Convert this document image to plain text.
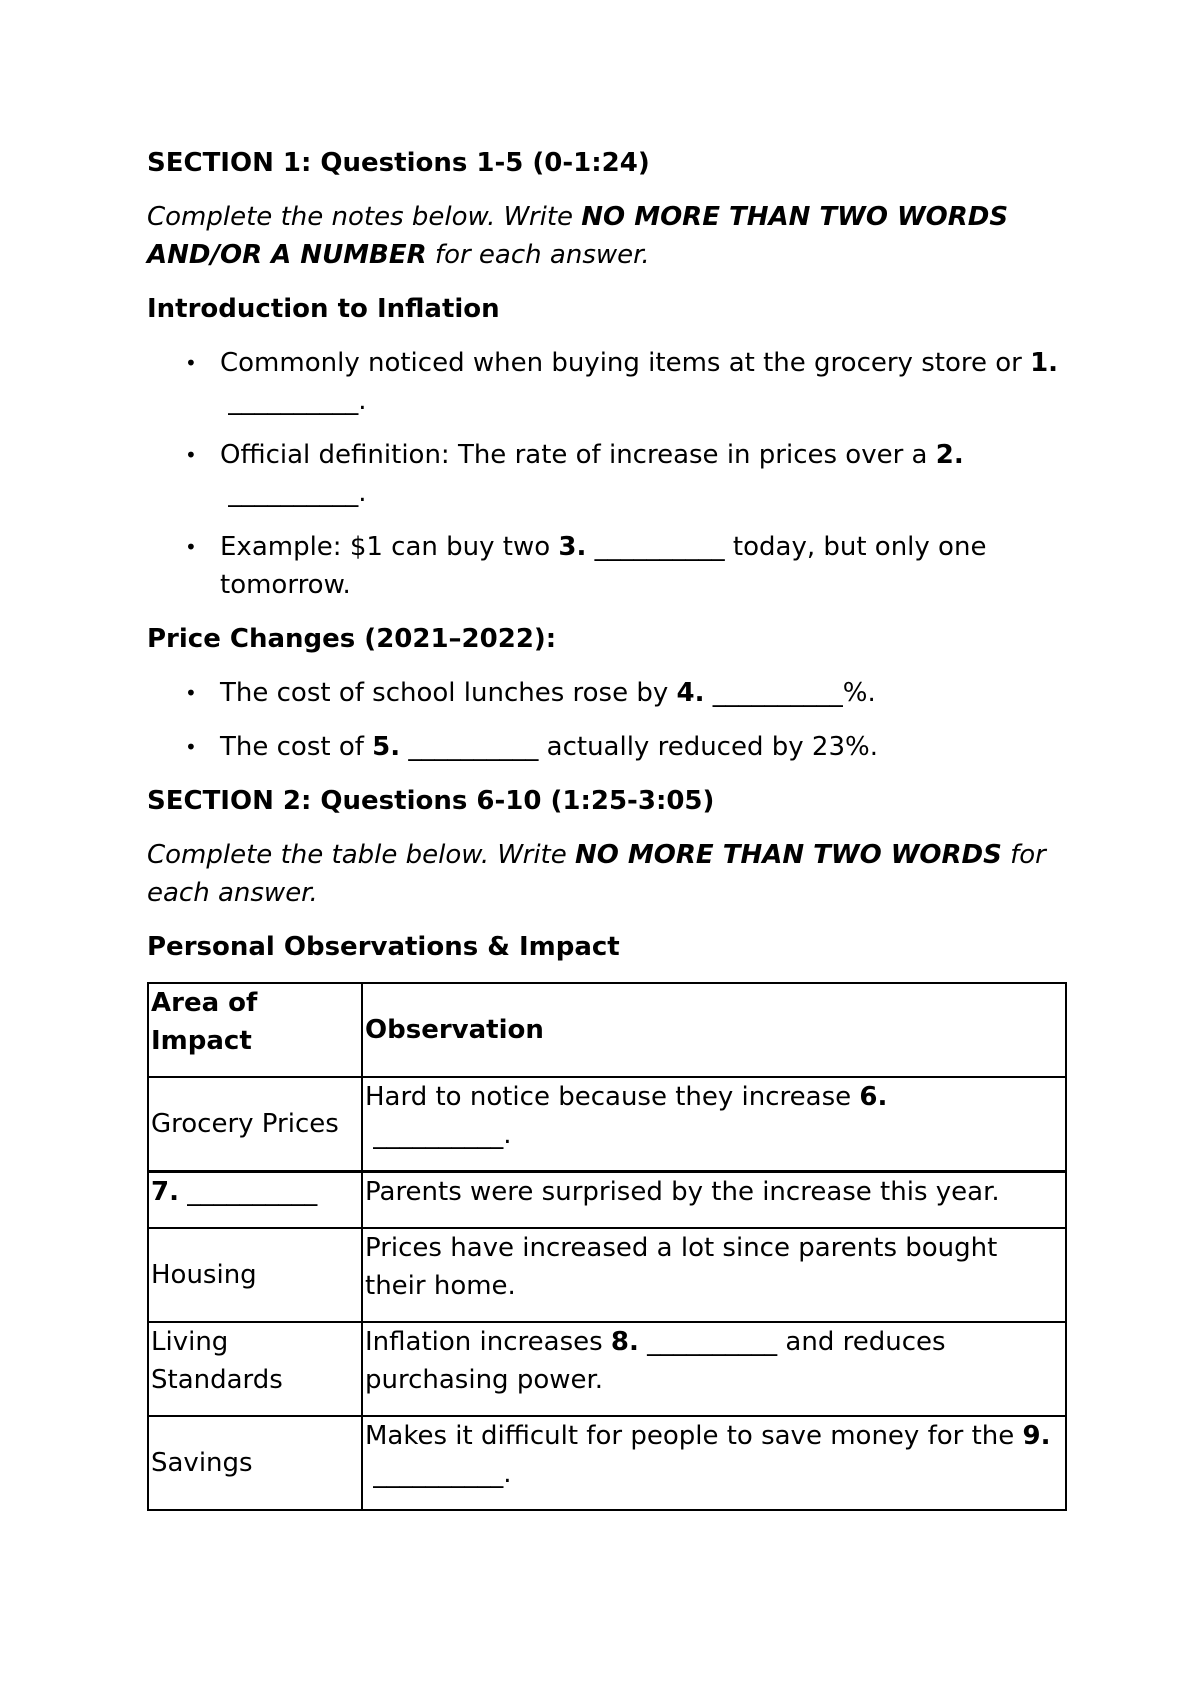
SECTION 1: Questions 1-5 (0-1:24)

Complete the notes below. Write NO MORE THAN TWO WORDS AND/OR A NUMBER for each answer.

Introduction to Inflation

• Commonly noticed when buying items at the grocery store or 1. __________.
• Official definition: The rate of increase in prices over a 2.
__________.
• Example: $1 can buy two 3. __________ today, but only one tomorrow.

Price Changes (2021–2022):

• The cost of school lunches rose by 4. __________%.
• The cost of 5. __________ actually reduced by 23%.

SECTION 2: Questions 6-10 (1:25-3:05)

Complete the table below. Write NO MORE THAN TWO WORDS for each answer.

Personal Observations & Impact

Area of Impact	Observation
Grocery Prices	Hard to notice because they increase 6.
__________.
7. __________	Parents were surprised by the increase this year.
Housing	Prices have increased a lot since parents bought their home.
Living Standards	Inflation increases 8. __________ and reduces purchasing power.
Savings	Makes it difficult for people to save money for the 9. __________.
